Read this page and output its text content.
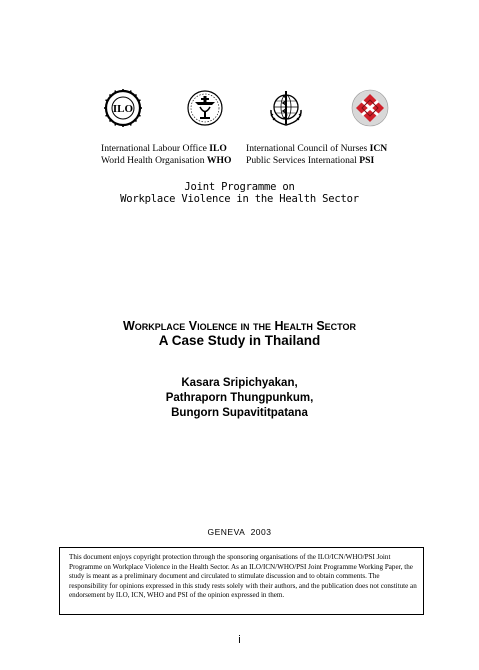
ILO
International Labour Office ILO	International Council of Nurses ICN
World Health Organisation WHO	Public Services International PSI
Joint Programme on
Workplace Violence in the Health Sector
Workplace Violence in the Health Sector
A Case Study in Thailand
Kasara Sripichyakan,
Pathraporn Thungpunkum,
Bungorn Supavititpatana
GENEVA  2003
This document enjoys copyright protection through the sponsoring organisations of the ILO/ICN/WHO/PSI Joint Programme on Workplace Violence in the Health Sector. As an ILO/ICN/WHO/PSI Joint Programme Working Paper, the study is meant as a preliminary document and circulated to stimulate discussion and to obtain comments. The responsibility for opinions expressed in this study rests solely with their authors, and the publication does not constitute an endorsement by ILO, ICN, WHO and PSI of the opinion expressed in them.
i
